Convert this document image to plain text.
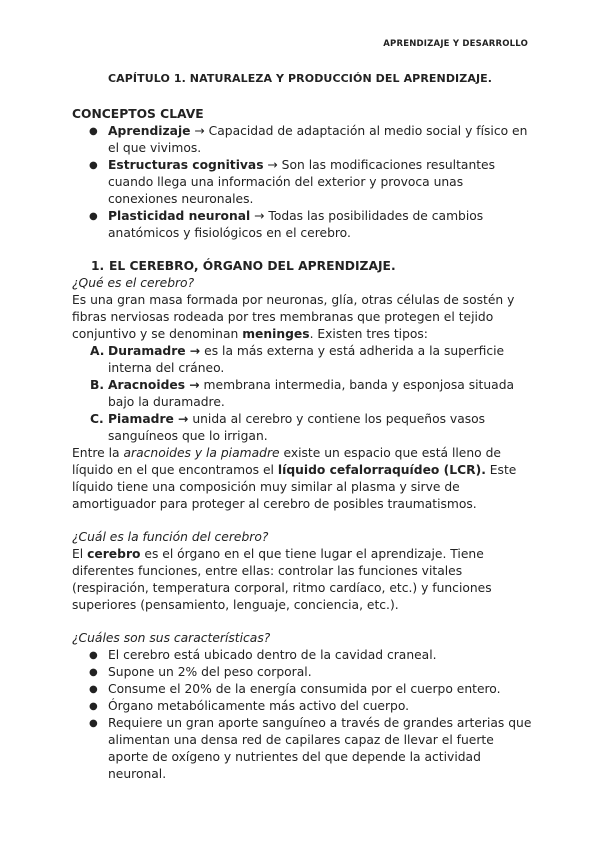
APRENDIZAJE Y DESARROLLO
CAPÍTULO 1. NATURALEZA Y PRODUCCIÓN DEL APRENDIZAJE.
CONCEPTOS CLAVE
● Aprendizaje → Capacidad de adaptación al medio social y físico en el que vivimos.
● Estructuras cognitivas → Son las modificaciones resultantes cuando llega una información del exterior y provoca unas conexiones neuronales.
● Plasticidad neuronal → Todas las posibilidades de cambios anatómicos y fisiológicos en el cerebro.
1. EL CEREBRO, ÓRGANO DEL APRENDIZAJE.
¿Qué es el cerebro?

Es una gran masa formada por neuronas, glía, otras células de sostén y fibras nerviosas rodeada por tres membranas que protegen el tejido conjuntivo y se denominan meninges. Existen tres tipos:

A. Duramadre → es la más externa y está adherida a la superficie interna del cráneo.
B. Aracnoides → membrana intermedia, banda y esponjosa situada bajo la duramadre.
C. Piamadre → unida al cerebro y contiene los pequeños vasos sanguíneos que lo irrigan.

Entre la aracnoides y la piamadre existe un espacio que está lleno de líquido en el que encontramos el líquido cefalorraquídeo (LCR). Este líquido tiene una composición muy similar al plasma y sirve de amortiguador para proteger al cerebro de posibles traumatismos.

¿Cuál es la función del cerebro?

El cerebro es el órgano en el que tiene lugar el aprendizaje. Tiene diferentes funciones, entre ellas: controlar las funciones vitales (respiración, temperatura corporal, ritmo cardíaco, etc.) y funciones superiores (pensamiento, lenguaje, conciencia, etc.).

¿Cuáles son sus características?
● El cerebro está ubicado dentro de la cavidad craneal.
● Supone un 2% del peso corporal.
● Consume el 20% de la energía consumida por el cuerpo entero.
● Órgano metabólicamente más activo del cuerpo.
● Requiere un gran aporte sanguíneo a través de grandes arterias que alimentan una densa red de capilares capaz de llevar el fuerte aporte de oxígeno y nutrientes del que depende la actividad neuronal.
